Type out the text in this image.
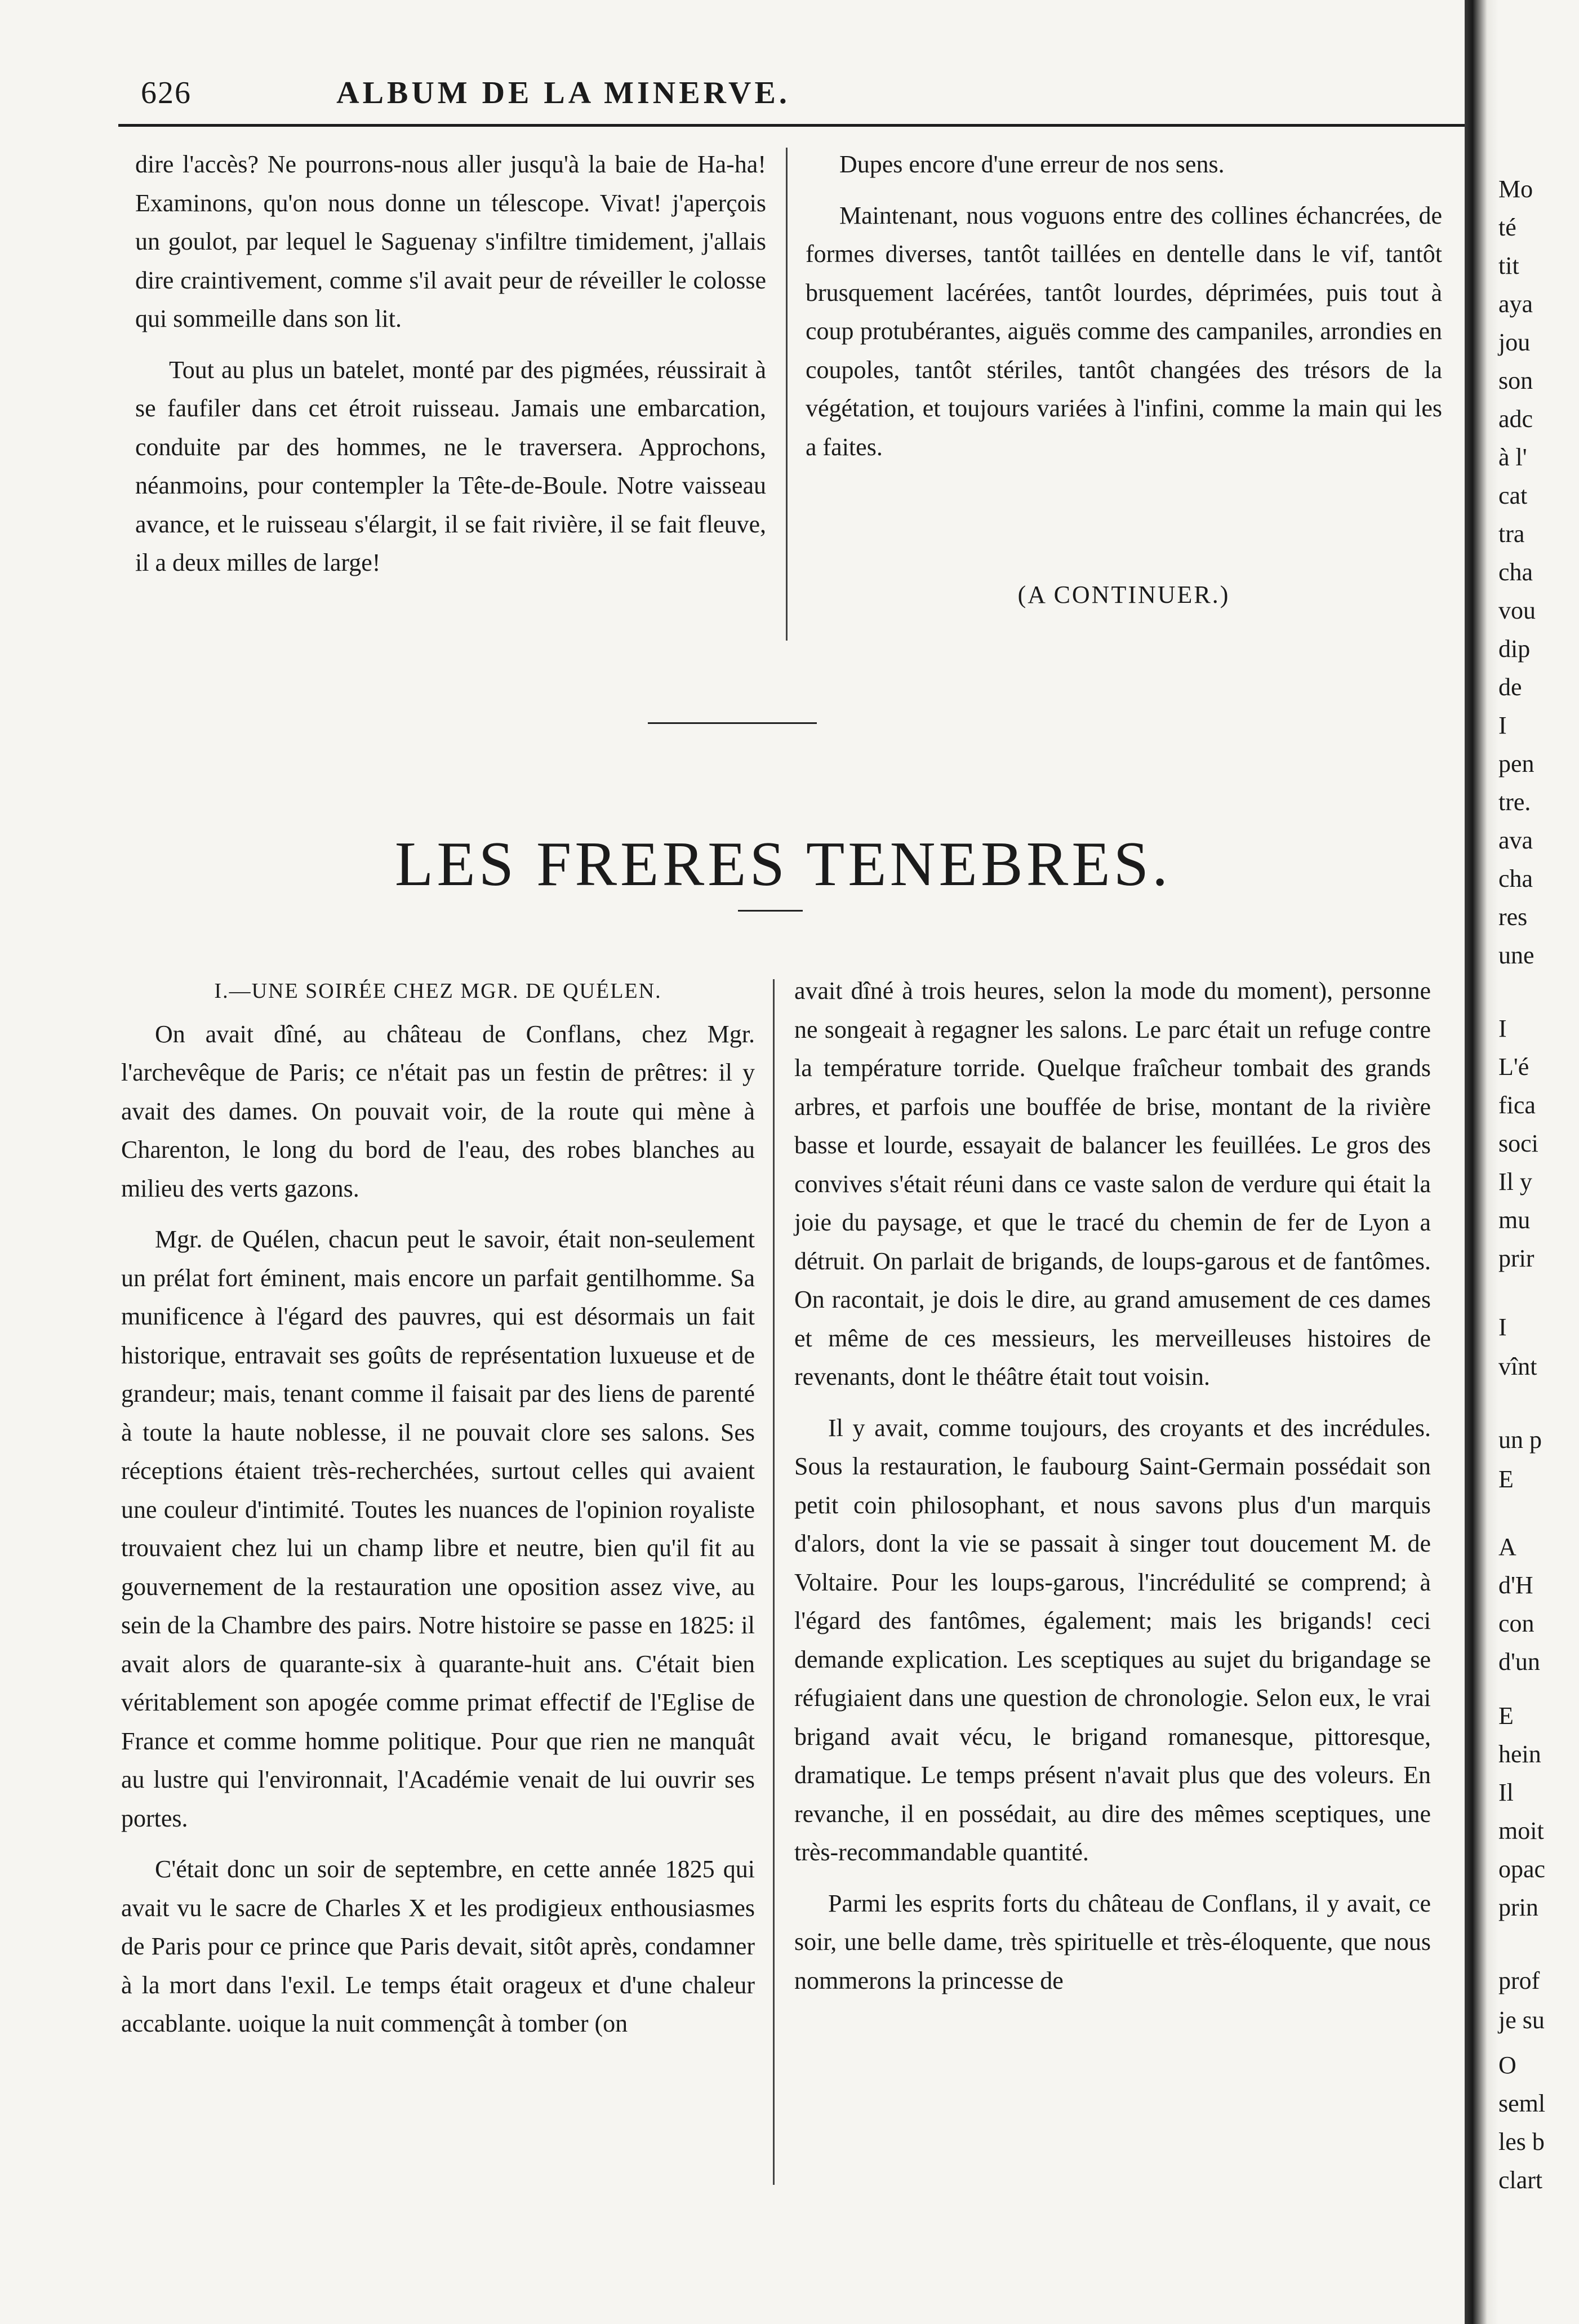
626	ALBUM DE LA MINERVE.

dire l'accès? Ne pourrons-nous aller jusqu'à la baie de Ha-ha! Examinons, qu'on nous donne un télescope. Vivat! j'aperçois un goulot, par lequel le Saguenay s'infiltre timidement, j'allais dire craintivement, comme s'il avait peur de réveiller le colosse qui sommeille dans son lit.

Tout au plus un batelet, monté par des pigmées, réussirait à se faufiler dans cet étroit ruisseau. Jamais une embarcation, conduite par des hommes, ne le traversera. Approchons, néanmoins, pour contempler la Tête-de-Boule. Notre vaisseau avance, et le ruisseau s'élargit, il se fait rivière, il se fait fleuve, il a deux milles de large!

Dupes encore d'une erreur de nos sens.

Maintenant, nous voguons entre des collines échancrées, de formes diverses, tantôt taillées en dentelle dans le vif, tantôt brusquement lacérées, tantôt lourdes, déprimées, puis tout à coup protubérantes, aiguës comme des campaniles, arrondies en coupoles, tantôt stériles, tantôt changées des trésors de la végétation, et toujours variées à l'infini, comme la main qui les a faites.

(A CONTINUER.)
LES FRERES TENEBRES.
I.—UNE SOIRÉE CHEZ MGR. DE QUÉLEN.

On avait dîné, au château de Conflans, chez Mgr. l'archevêque de Paris; ce n'était pas un festin de prêtres: il y avait des dames. On pouvait voir, de la route qui mène à Charenton, le long du bord de l'eau, des robes blanches au milieu des verts gazons.

Mgr. de Quélen, chacun peut le savoir, était non-seulement un prélat fort éminent, mais encore un parfait gentilhomme. Sa munificence à l'égard des pauvres, qui est désormais un fait historique, entravait ses goûts de représentation luxueuse et de grandeur; mais, tenant comme il faisait par des liens de parenté à toute la haute noblesse, il ne pouvait clore ses salons. Ses réceptions étaient très-recherchées, surtout celles qui avaient une couleur d'intimité. Toutes les nuances de l'opinion royaliste trouvaient chez lui un champ libre et neutre, bien qu'il fit au gouvernement de la restauration une oposition assez vive, au sein de la Chambre des pairs. Notre histoire se passe en 1825: il avait alors de quarante-six à quarante-huit ans. C'était bien véritablement son apogée comme primat effectif de l'Eglise de France et comme homme politique. Pour que rien ne manquât au lustre qui l'environnait, l'Académie venait de lui ouvrir ses portes.

C'était donc un soir de septembre, en cette année 1825 qui avait vu le sacre de Charles X et les prodigieux enthousiasmes de Paris pour ce prince que Paris devait, sitôt après, condamner à la mort dans l'exil. Le temps était orageux et d'une chaleur accablante. uoique la nuit commençât à tomber (on

avait dîné à trois heures, selon la mode du moment), personne ne songeait à regagner les salons. Le parc était un refuge contre la température torride. Quelque fraîcheur tombait des grands arbres, et parfois une bouffée de brise, montant de la rivière basse et lourde, essayait de balancer les feuillées. Le gros des convives s'était réuni dans ce vaste salon de verdure qui était la joie du paysage, et que le tracé du chemin de fer de Lyon a détruit. On parlait de brigands, de loups-garous et de fantômes. On racontait, je dois le dire, au grand amusement de ces dames et même de ces messieurs, les merveilleuses histoires de revenants, dont le théâtre était tout voisin.

Il y avait, comme toujours, des croyants et des incrédules. Sous la restauration, le faubourg Saint-Germain possédait son petit coin philosophant, et nous savons plus d'un marquis d'alors, dont la vie se passait à singer tout doucement M. de Voltaire. Pour les loups-garous, l'incrédulité se comprend; à l'égard des fantômes, également; mais les brigands! ceci demande explication. Les sceptiques au sujet du brigandage se réfugiaient dans une question de chronologie. Selon eux, le vrai brigand avait vécu, le brigand romanesque, pittoresque, dramatique. Le temps présent n'avait plus que des voleurs. En revanche, il en possédait, au dire des mêmes sceptiques, une très-recommandable quantité.

Parmi les esprits forts du château de Conflans, il y avait, ce soir, une belle dame, très spirituelle et très-éloquente, que nous nommerons la princesse de

Mo
té
tit
aya
jou
son
adc
à l'
cat
tra
cha
vou
dip
de
I
pen
tre.
ava
cha
res
une
I
L'é
fica
soci
Il y
mu
prir
I
vînt
un p
E
A
d'H
con
d'un
E
hein
Il
moit
opac
prin
prof
je su
O
seml
les b
clart
